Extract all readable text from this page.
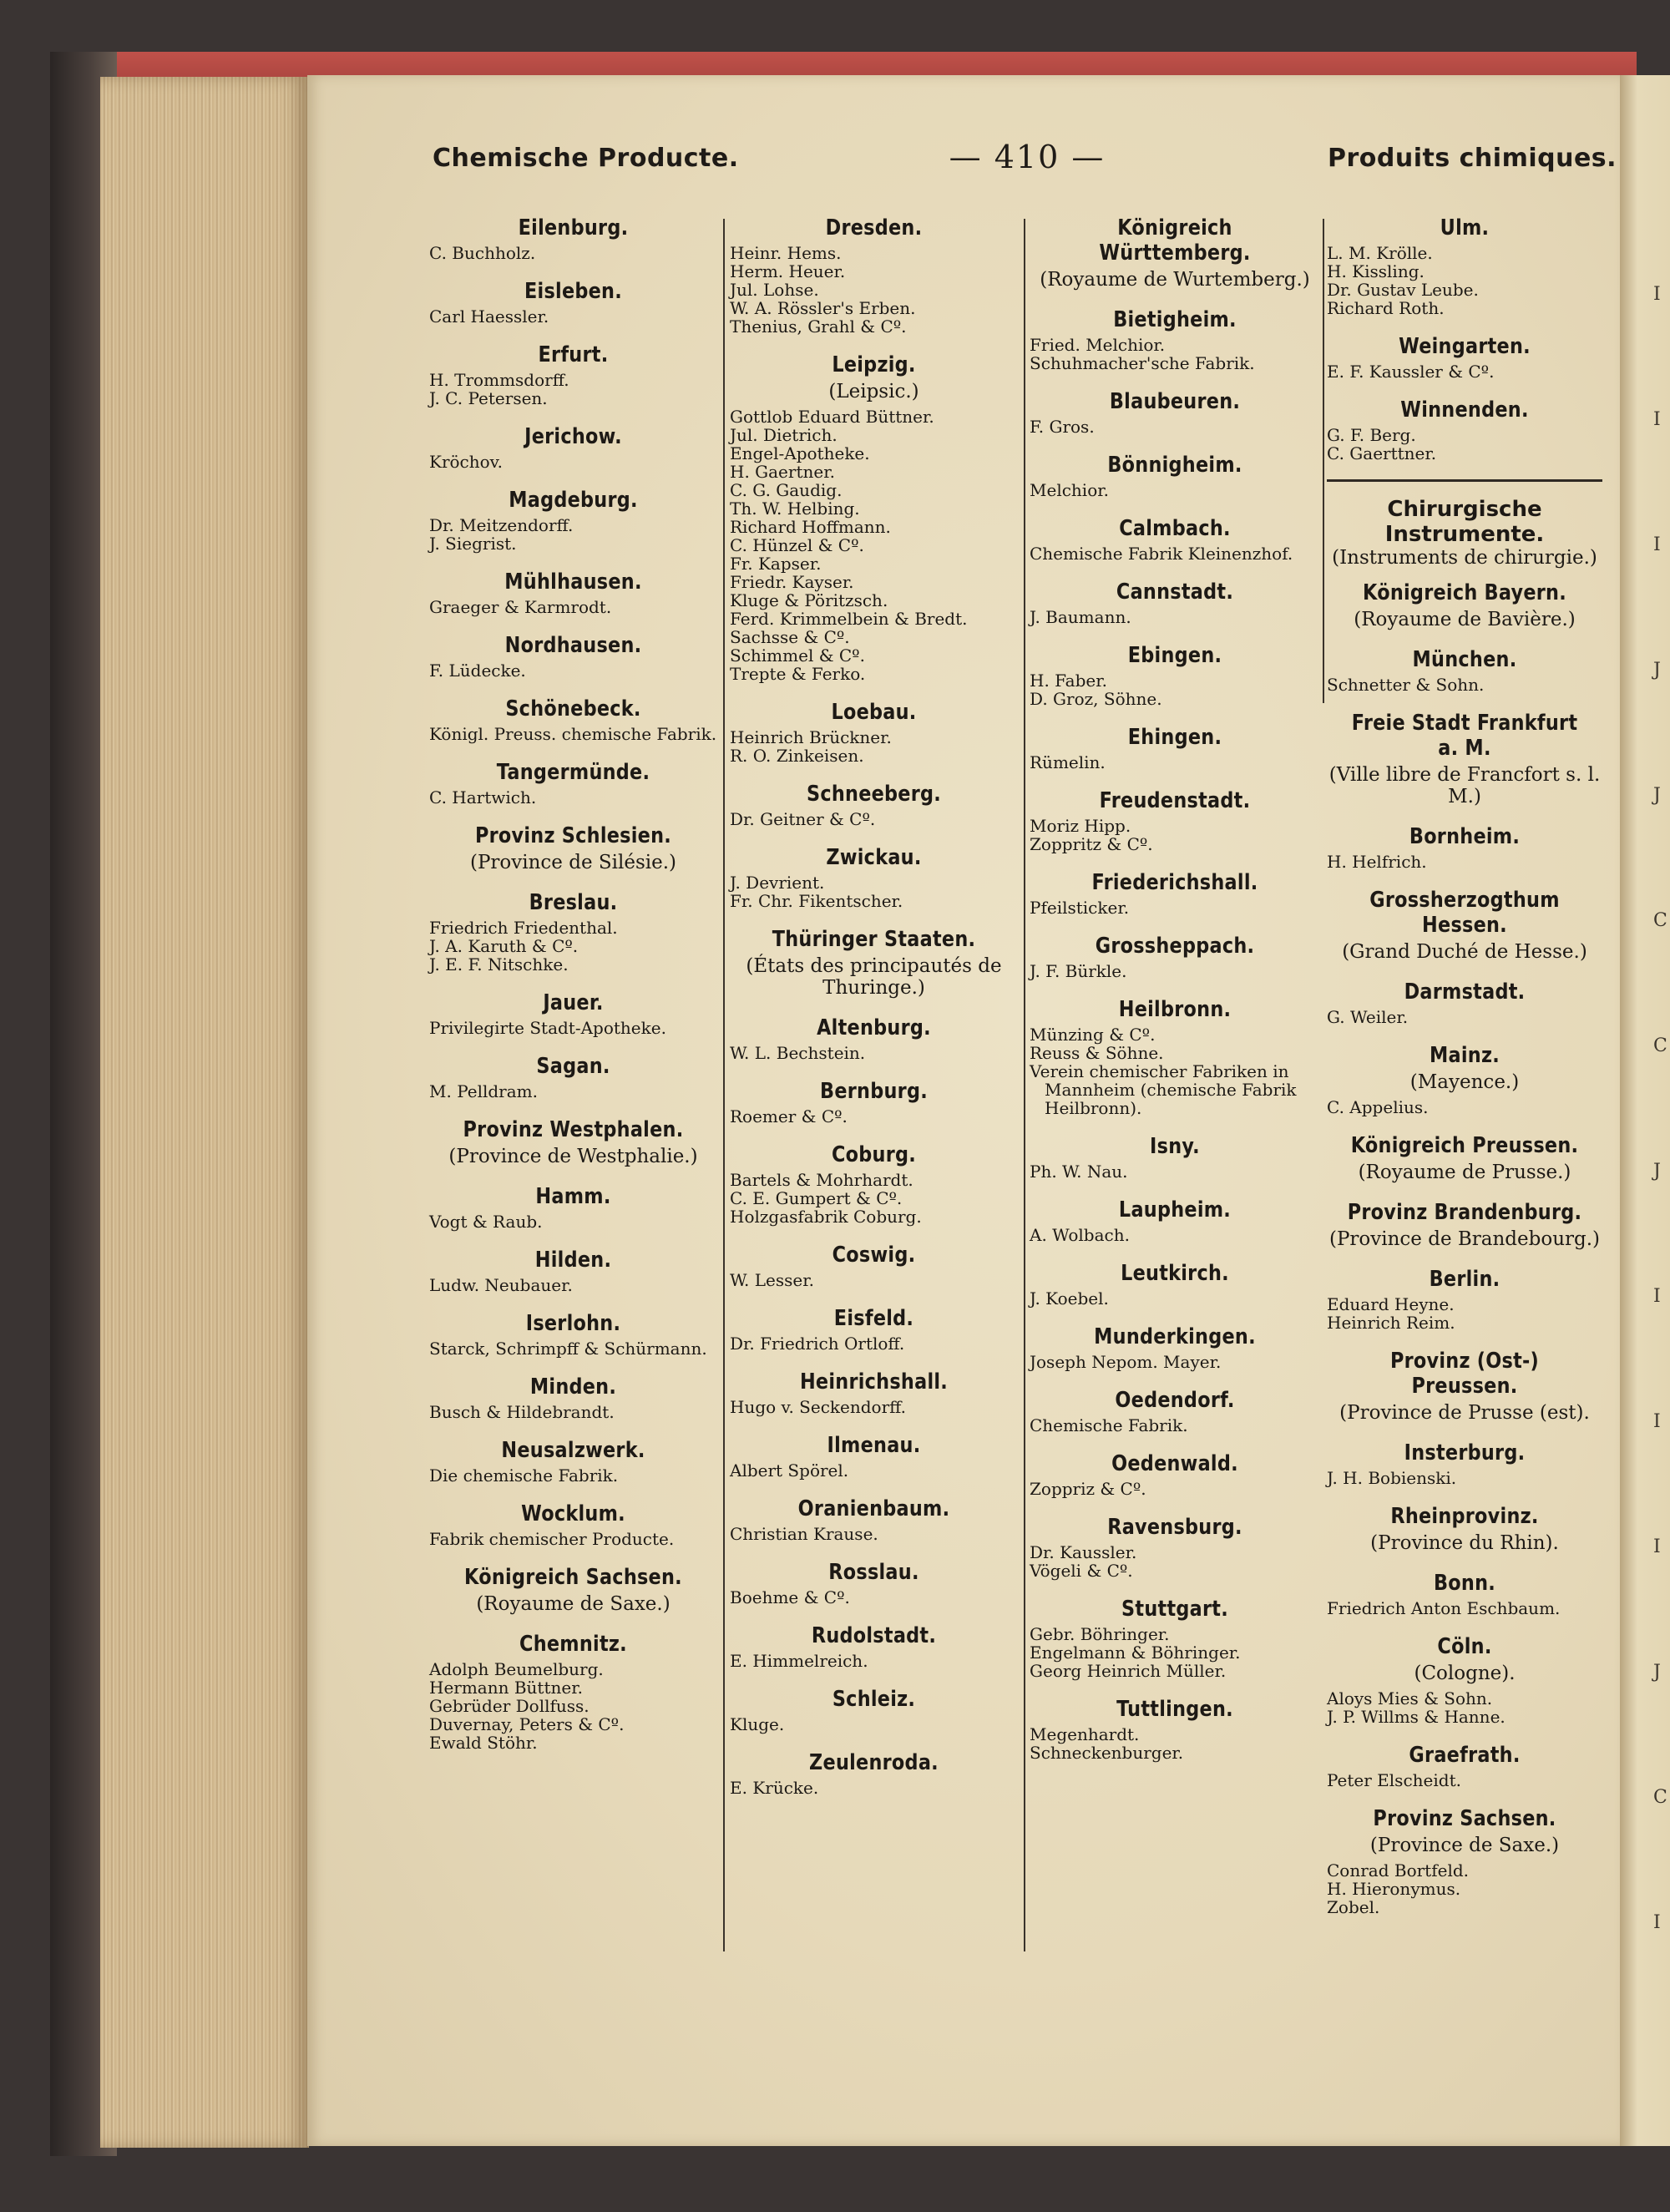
I
I
I
J
J
C
C
J
I
I
I
J
C
I
Chemische Producte.	— 410 —	Produits chimiques.
Eilenburg.
C. Buchholz.
Eisleben.
Carl Haessler.
Erfurt.
H. Trommsdorff.
J. C. Petersen.
Jerichow.
Kröchov.
Magdeburg.
Dr. Meitzendorff.
J. Siegrist.
Mühlhausen.
Graeger & Karmrodt.
Nordhausen.
F. Lüdecke.
Schönebeck.
Königl. Preuss. chemische Fabrik.
Tangermünde.
C. Hartwich.
Provinz Schlesien.
(Province de Silésie.)
Breslau.
Friedrich Friedenthal.
J. A. Karuth & Cº.
J. E. F. Nitschke.
Jauer.
Privilegirte Stadt-Apotheke.
Sagan.
M. Pelldram.
Provinz Westphalen.
(Province de Westphalie.)
Hamm.
Vogt & Raub.
Hilden.
Ludw. Neubauer.
Iserlohn.
Starck, Schrimpff & Schürmann.
Minden.
Busch & Hildebrandt.
Neusalzwerk.
Die chemische Fabrik.
Wocklum.
Fabrik chemischer Producte.
Königreich Sachsen.
(Royaume de Saxe.)
Chemnitz.
Adolph Beumelburg.
Hermann Büttner.
Gebrüder Dollfuss.
Duvernay, Peters & Cº.
Ewald Stöhr.
Dresden.
Heinr. Hems.
Herm. Heuer.
Jul. Lohse.
W. A. Rössler's Erben.
Thenius, Grahl & Cº.
Leipzig.
(Leipsic.)
Gottlob Eduard Büttner.
Jul. Dietrich.
Engel-Apotheke.
H. Gaertner.
C. G. Gaudig.
Th. W. Helbing.
Richard Hoffmann.
C. Hünzel & Cº.
Fr. Kapser.
Friedr. Kayser.
Kluge & Pöritzsch.
Ferd. Krimmelbein & Bredt.
Sachsse & Cº.
Schimmel & Cº.
Trepte & Ferko.
Loebau.
Heinrich Brückner.
R. O. Zinkeisen.
Schneeberg.
Dr. Geitner & Cº.
Zwickau.
J. Devrient.
Fr. Chr. Fikentscher.
Thüringer Staaten.
(États des principautés de Thuringe.)
Altenburg.
W. L. Bechstein.
Bernburg.
Roemer & Cº.
Coburg.
Bartels & Mohrhardt.
C. E. Gumpert & Cº.
Holzgasfabrik Coburg.
Coswig.
W. Lesser.
Eisfeld.
Dr. Friedrich Ortloff.
Heinrichshall.
Hugo v. Seckendorff.
Ilmenau.
Albert Spörel.
Oranienbaum.
Christian Krause.
Rosslau.
Boehme & Cº.
Rudolstadt.
E. Himmelreich.
Schleiz.
Kluge.
Zeulenroda.
E. Krücke.
Königreich Württemberg.
(Royaume de Wurtemberg.)
Bietigheim.
Fried. Melchior.
Schuhmacher'sche Fabrik.
Blaubeuren.
F. Gros.
Bönnigheim.
Melchior.
Calmbach.
Chemische Fabrik Kleinenzhof.
Cannstadt.
J. Baumann.
Ebingen.
H. Faber.
D. Groz, Söhne.
Ehingen.
Rümelin.
Freudenstadt.
Moriz Hipp.
Zoppritz & Cº.
Friederichshall.
Pfeilsticker.
Grossheppach.
J. F. Bürkle.
Heilbronn.
Münzing & Cº.
Reuss & Söhne.
Verein chemischer Fabriken in Mannheim (chemische Fabrik Heilbronn).
Isny.
Ph. W. Nau.
Laupheim.
A. Wolbach.
Leutkirch.
J. Koebel.
Munderkingen.
Joseph Nepom. Mayer.
Oedendorf.
Chemische Fabrik.
Oedenwald.
Zoppriz & Cº.
Ravensburg.
Dr. Kaussler.
Vögeli & Cº.
Stuttgart.
Gebr. Böhringer.
Engelmann & Böhringer.
Georg Heinrich Müller.
Tuttlingen.
Megenhardt.
Schneckenburger.
Ulm.
L. M. Krölle.
H. Kissling.
Dr. Gustav Leube.
Richard Roth.
Weingarten.
E. F. Kaussler & Cº.
Winnenden.
G. F. Berg.
C. Gaerttner.
Chirurgische Instrumente.
(Instruments de chirurgie.)
Königreich Bayern.
(Royaume de Bavière.)
München.
Schnetter & Sohn.
Freie Stadt Frankfurt a. M.
(Ville libre de Francfort s. l. M.)
Bornheim.
H. Helfrich.
Grossherzogthum Hessen.
(Grand Duché de Hesse.)
Darmstadt.
G. Weiler.
Mainz.
(Mayence.)
C. Appelius.
Königreich Preussen.
(Royaume de Prusse.)
Provinz Brandenburg.
(Province de Brandebourg.)
Berlin.
Eduard Heyne.
Heinrich Reim.
Provinz (Ost-) Preussen.
(Province de Prusse (est).
Insterburg.
J. H. Bobienski.
Rheinprovinz.
(Province du Rhin).
Bonn.
Friedrich Anton Eschbaum.
Cöln.
(Cologne).
Aloys Mies & Sohn.
J. P. Willms & Hanne.
Graefrath.
Peter Elscheidt.
Provinz Sachsen.
(Province de Saxe.)
Conrad Bortfeld.
H. Hieronymus.
Zobel.
